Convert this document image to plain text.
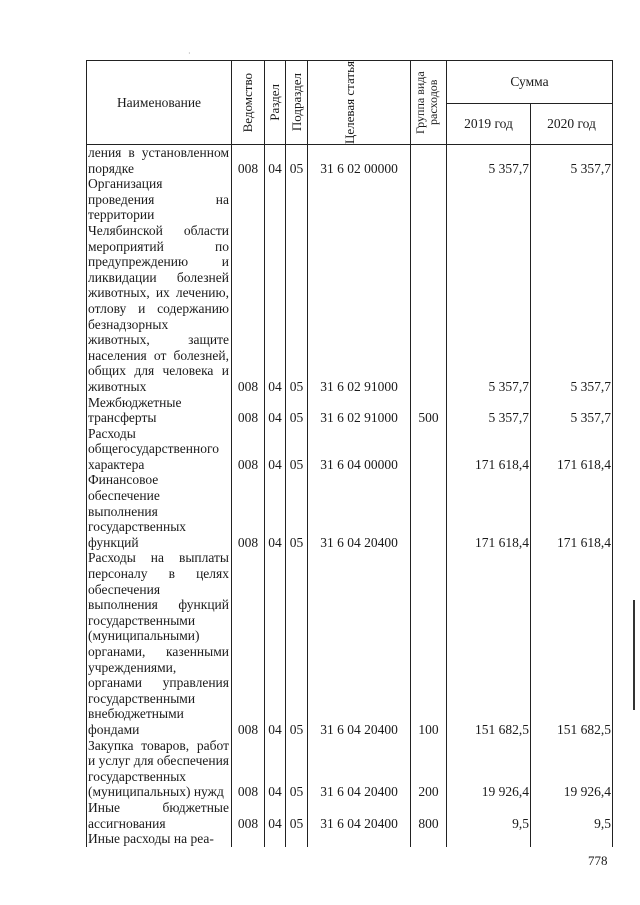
·
Наименование	Ведомство	Раздел	Подраздел	Целевая статья	Группа вида расходов	Сумма	
						2019 год	2020 год
ления в установленном порядке	008	04	05	31 6 02 00000		5 357,7	5 357,7
Организация проведения на территории Челябинской области мероприятий по предупреждению и ликвидации болезней животных, их лечению, отлову и содержанию безнадзорных животных, защите населения от болезней, общих для человека и животных	008	04	05	31 6 02 91000		5 357,7	5 357,7
Межбюджетные трансферты	008	04	05	31 6 02 91000	500	5 357,7	5 357,7
Расходы общегосударственного характера	008	04	05	31 6 04 00000		171 618,4	171 618,4
Финансовое обеспечение выполнения государственных функций	008	04	05	31 6 04 20400		171 618,4	171 618,4
Расходы на выплаты персоналу в целях обеспечения выполнения функций государственными (муниципальными) органами, казенными учреждениями, органами управления государственными внебюджетными фондами	008	04	05	31 6 04 20400	100	151 682,5	151 682,5
Закупка товаров, работ и услуг для обеспечения государственных (муниципальных) нужд	008	04	05	31 6 04 20400	200	19 926,4	19 926,4
Иные бюджетные ассигнования	008	04	05	31 6 04 20400	800	9,5	9,5
Иные расходы на реа-							
778
